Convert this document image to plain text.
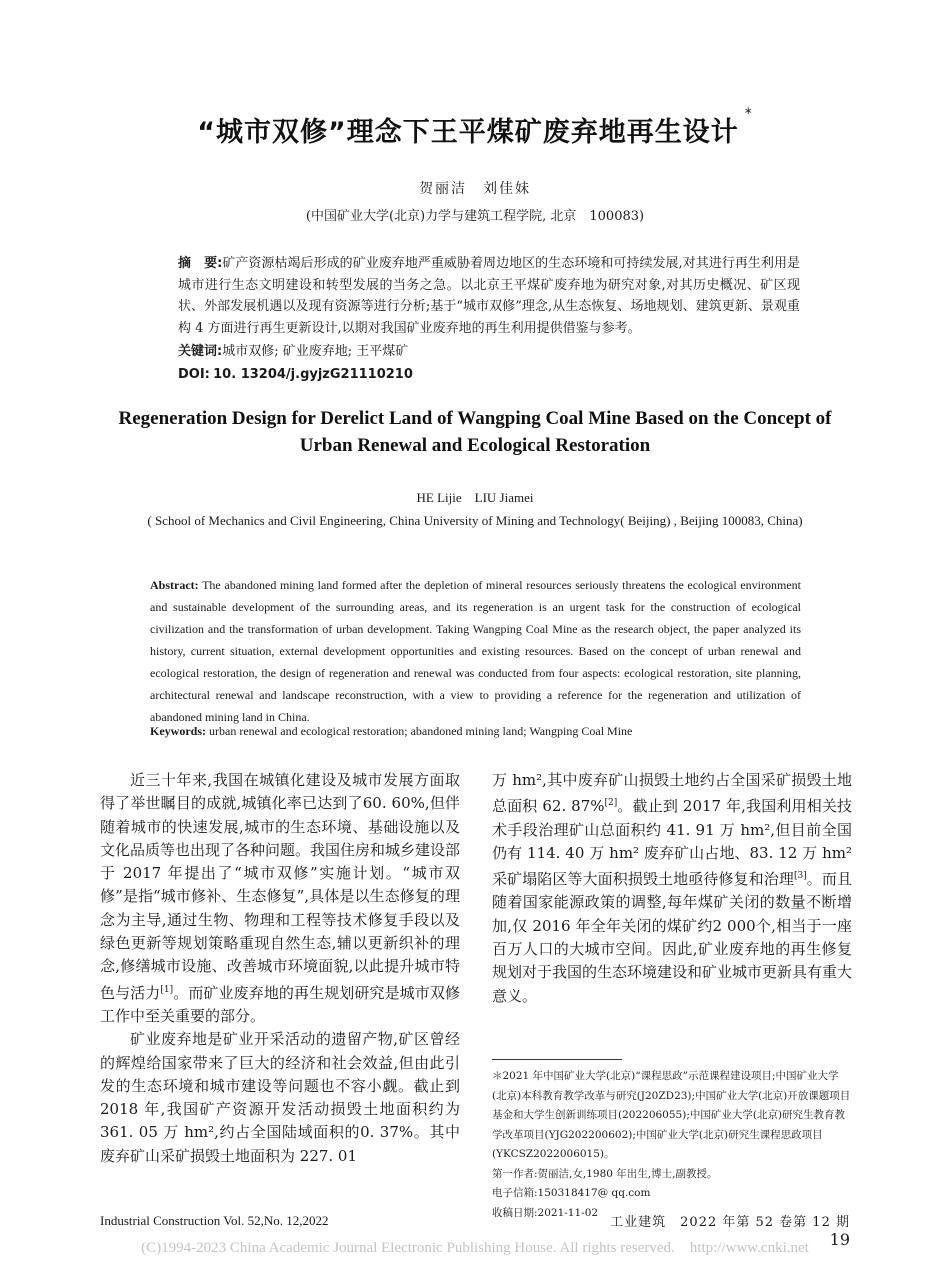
“城市双修”理念下王平煤矿废弃地再生设计*
贺丽洁　刘佳妹
(中国矿业大学(北京)力学与建筑工程学院, 北京　100083)
摘　要:矿产资源枯竭后形成的矿业废弃地严重威胁着周边地区的生态环境和可持续发展,对其进行再生利用是城市进行生态文明建设和转型发展的当务之急。以北京王平煤矿废弃地为研究对象,对其历史概况、矿区现状、外部发展机遇以及现有资源等进行分析;基于“城市双修”理念,从生态恢复、场地规划、建筑更新、景观重构 4 方面进行再生更新设计,以期对我国矿业废弃地的再生利用提供借鉴与参考。
关键词:城市双修; 矿业废弃地; 王平煤矿
DOI: 10. 13204/j.gyjzG21110210
Regeneration Design for Derelict Land of Wangping Coal Mine Based on the Concept of Urban Renewal and Ecological Restoration
HE Lijie　LIU Jiamei
( School of Mechanics and Civil Engineering, China University of Mining and Technology( Beijing) , Beijing 100083, China)
Abstract: The abandoned mining land formed after the depletion of mineral resources seriously threatens the ecological environment and sustainable development of the surrounding areas, and its regeneration is an urgent task for the construction of ecological civilization and the transformation of urban development. Taking Wangping Coal Mine as the research object, the paper analyzed its history, current situation, external development opportunities and existing resources. Based on the concept of urban renewal and ecological restoration, the design of regeneration and renewal was conducted from four aspects: ecological restoration, site planning, architectural renewal and landscape reconstruction, with a view to providing a reference for the regeneration and utilization of abandoned mining land in China.
Keywords: urban renewal and ecological restoration; abandoned mining land; Wangping Coal Mine

近三十年来,我国在城镇化建设及城市发展方面取得了举世瞩目的成就,城镇化率已达到了60. 60%,但伴随着城市的快速发展,城市的生态环境、基础设施以及文化品质等也出现了各种问题。我国住房和城乡建设部于 2017 年提出了“城市双修”实施计划。“城市双修”是指“城市修补、生态修复”,具体是以生态修复的理念为主导,通过生物、物理和工程等技术修复手段以及绿色更新等规划策略重现自然生态,辅以更新织补的理念,修缮城市设施、改善城市环境面貌,以此提升城市特色与活力[1]。而矿业废弃地的再生规划研究是城市双修工作中至关重要的部分。

矿业废弃地是矿业开采活动的遗留产物,矿区曾经的辉煌给国家带来了巨大的经济和社会效益,但由此引发的生态环境和城市建设等问题也不容小觑。截止到 2018 年,我国矿产资源开发活动损毁土地面积约为 361. 05 万 hm²,约占全国陆域面积的0. 37%。其中废弃矿山采矿损毁土地面积为 227. 01

万 hm²,其中废弃矿山损毁土地约占全国采矿损毁土地总面积 62. 87%[2]。截止到 2017 年,我国利用相关技术手段治理矿山总面积约 41. 91 万 hm²,但目前全国仍有 114. 40 万 hm² 废弃矿山占地、83. 12 万 hm² 采矿塌陷区等大面积损毁土地亟待修复和治理[3]。而且随着国家能源政策的调整,每年煤矿关闭的数量不断增加,仅 2016 年全年关闭的煤矿约2 000个,相当于一座百万人口的大城市空间。因此,矿业废弃地的再生修复规划对于我国的生态环境建设和矿业城市更新具有重大意义。

＊2021 年中国矿业大学(北京)“课程思政”示范课程建设项目;中国矿业大学(北京)本科教育教学改革与研究(J20ZD23);中国矿业大学(北京)开放课题项目基金和大学生创新训练项目(202206055);中国矿业大学(北京)研究生教育教学改革项目(YJG202200602);中国矿业大学(北京)研究生课程思政项目(YKCSZ2022006015)。
第一作者:贺丽洁,女,1980 年出生,博士,副教授。
电子信箱:150318417@ qq.com
收稿日期:2021-11-02
Industrial Construction Vol. 52,No. 12,2022	工业建筑　2022 年第 52 卷第 12 期19
(C)1994-2023 China Academic Journal Electronic Publishing House. All rights reserved.　http://www.cnki.net
